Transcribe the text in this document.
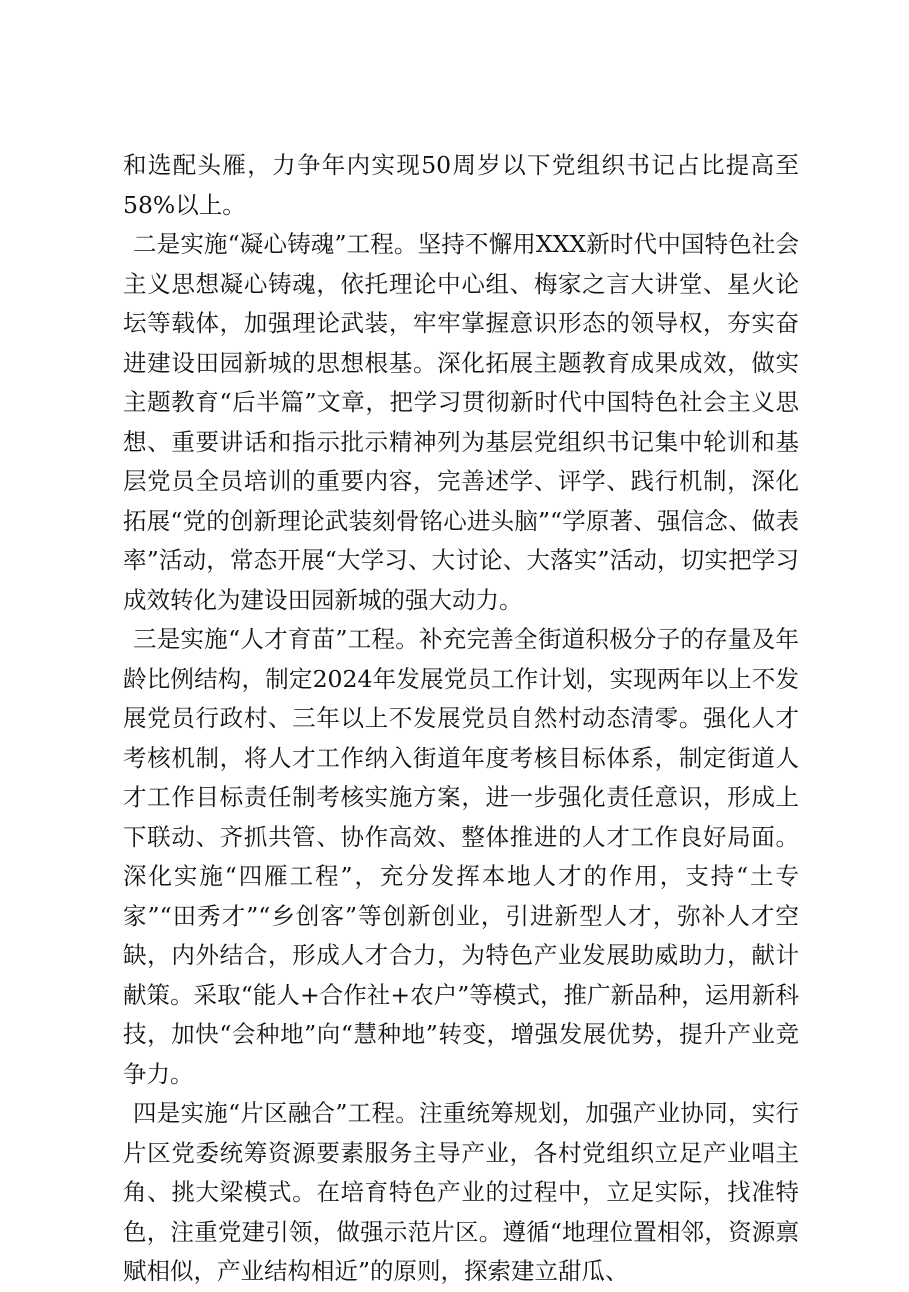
和选配头雁，力争年内实现50周岁以下党组织书记占比提高至58%以上。

二是实施“凝心铸魂”工程。坚持不懈用XXX新时代中国特色社会主义思想凝心铸魂，依托理论中心组、梅家之言大讲堂、星火论坛等载体，加强理论武装，牢牢掌握意识形态的领导权，夯实奋进建设田园新城的思想根基。深化拓展主题教育成果成效，做实主题教育“后半篇”文章，把学习贯彻新时代中国特色社会主义思想、重要讲话和指示批示精神列为基层党组织书记集中轮训和基层党员全员培训的重要内容，完善述学、评学、践行机制，深化拓展“党的创新理论武装刻骨铭心进头脑”“学原著、强信念、做表率”活动，常态开展“大学习、大讨论、大落实”活动，切实把学习成效转化为建设田园新城的强大动力。

三是实施“人才育苗”工程。补充完善全街道积极分子的存量及年龄比例结构，制定2024年发展党员工作计划，实现两年以上不发展党员行政村、三年以上不发展党员自然村动态清零。强化人才考核机制，将人才工作纳入街道年度考核目标体系，制定街道人才工作目标责任制考核实施方案，进一步强化责任意识，形成上下联动、齐抓共管、协作高效、整体推进的人才工作良好局面。深化实施“四雁工程”，充分发挥本地人才的作用，支持“土专家”“田秀才”“乡创客”等创新创业，引进新型人才，弥补人才空缺，内外结合，形成人才合力，为特色产业发展助威助力，献计献策。采取“能人+合作社+农户”等模式，推广新品种，运用新科技，加快“会种地”向“慧种地”转变，增强发展优势，提升产业竞争力。

四是实施“片区融合”工程。注重统筹规划，加强产业协同，实行片区党委统筹资源要素服务主导产业，各村党组织立足产业唱主角、挑大梁模式。在培育特色产业的过程中，立足实际，找准特色，注重党建引领，做强示范片区。遵循“地理位置相邻，资源禀赋相似，产业结构相近”的原则，探索建立甜瓜、
